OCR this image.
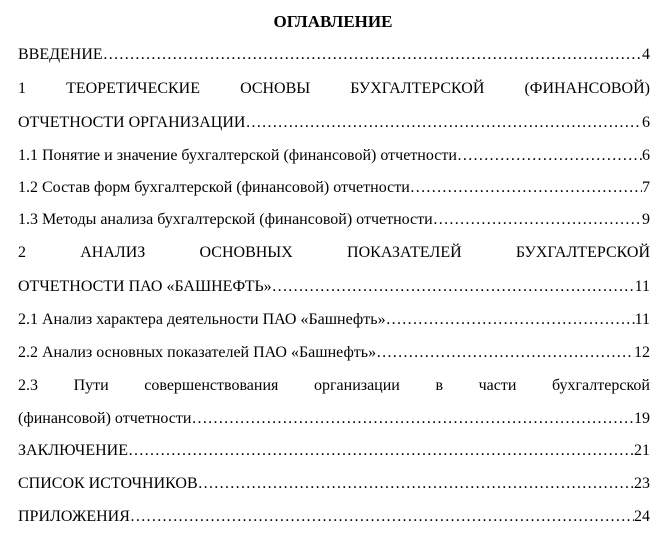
ОГЛАВЛЕНИЕ
ВВЕДЕНИЕ ………………………………………………………………………………………………………………………………………………………………………………………………	4
1 ТЕОРЕТИЧЕСКИЕ ОСНОВЫ БУХГАЛТЕРСКОЙ (ФИНАНСОВОЙ)
ОТЧЕТНОСТИ ОРГАНИЗАЦИИ ………………………………………………………………………………………………………………………………………………………………………………………………	6
1.1 Понятие и значение бухгалтерской (финансовой) отчетности ………………………………………………………………………………………………………………………………………………………………………………………………	6
1.2 Состав форм бухгалтерской (финансовой) отчетности ………………………………………………………………………………………………………………………………………………………………………………………………	7
1.3 Методы анализа бухгалтерской (финансовой) отчетности ………………………………………………………………………………………………………………………………………………………………………………………………	9
2 АНАЛИЗ ОСНОВНЫХ ПОКАЗАТЕЛЕЙ БУХГАЛТЕРСКОЙ
ОТЧЕТНОСТИ ПАО «БАШНЕФТЬ» ………………………………………………………………………………………………………………………………………………………………………………………………	11
2.1 Анализ характера деятельности ПАО «Башнефть» ………………………………………………………………………………………………………………………………………………………………………………………………	11
2.2 Анализ основных показателей ПАО «Башнефть» ………………………………………………………………………………………………………………………………………………………………………………………………	12
2.3 Пути совершенствования организации в части бухгалтерской
(финансовой) отчетности ………………………………………………………………………………………………………………………………………………………………………………………………	19
ЗАКЛЮЧЕНИЕ ………………………………………………………………………………………………………………………………………………………………………………………………	21
СПИСОК ИСТОЧНИКОВ ………………………………………………………………………………………………………………………………………………………………………………………………	23
ПРИЛОЖЕНИЯ ………………………………………………………………………………………………………………………………………………………………………………………………	24
